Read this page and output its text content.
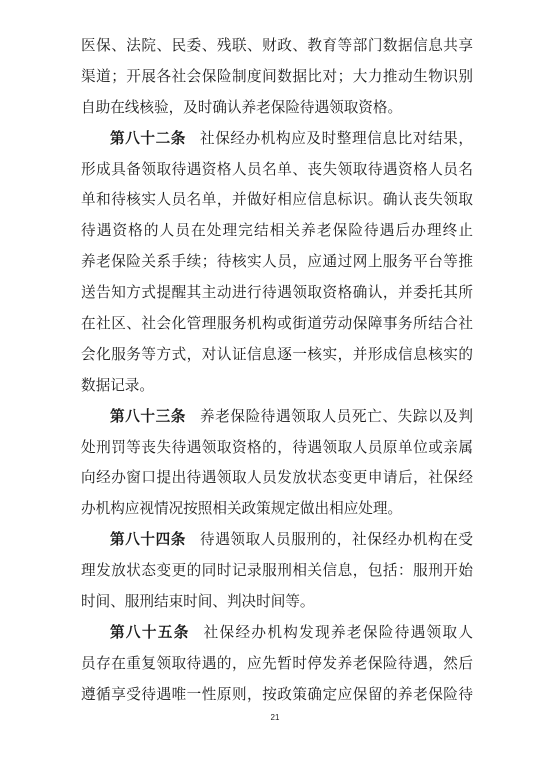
医保、法院、民委、残联、财政、教育等部门数据信息共享
渠道；开展各社会保险制度间数据比对；大力推动生物识别
自助在线核验，及时确认养老保险待遇领取资格。
第八十二条 社保经办机构应及时整理信息比对结果，
形成具备领取待遇资格人员名单、丧失领取待遇资格人员名
单和待核实人员名单，并做好相应信息标识。确认丧失领取
待遇资格的人员在处理完结相关养老保险待遇后办理终止
养老保险关系手续；待核实人员，应通过网上服务平台等推
送告知方式提醒其主动进行待遇领取资格确认，并委托其所
在社区、社会化管理服务机构或街道劳动保障事务所结合社
会化服务等方式，对认证信息逐一核实，并形成信息核实的
数据记录。
第八十三条 养老保险待遇领取人员死亡、失踪以及判
处刑罚等丧失待遇领取资格的，待遇领取人员原单位或亲属
向经办窗口提出待遇领取人员发放状态变更申请后，社保经
办机构应视情况按照相关政策规定做出相应处理。
第八十四条 待遇领取人员服刑的，社保经办机构在受
理发放状态变更的同时记录服刑相关信息，包括：服刑开始
时间、服刑结束时间、判决时间等。
第八十五条 社保经办机构发现养老保险待遇领取人
员存在重复领取待遇的，应先暂时停发养老保险待遇，然后
遵循享受待遇唯一性原则，按政策确定应保留的养老保险待
21
